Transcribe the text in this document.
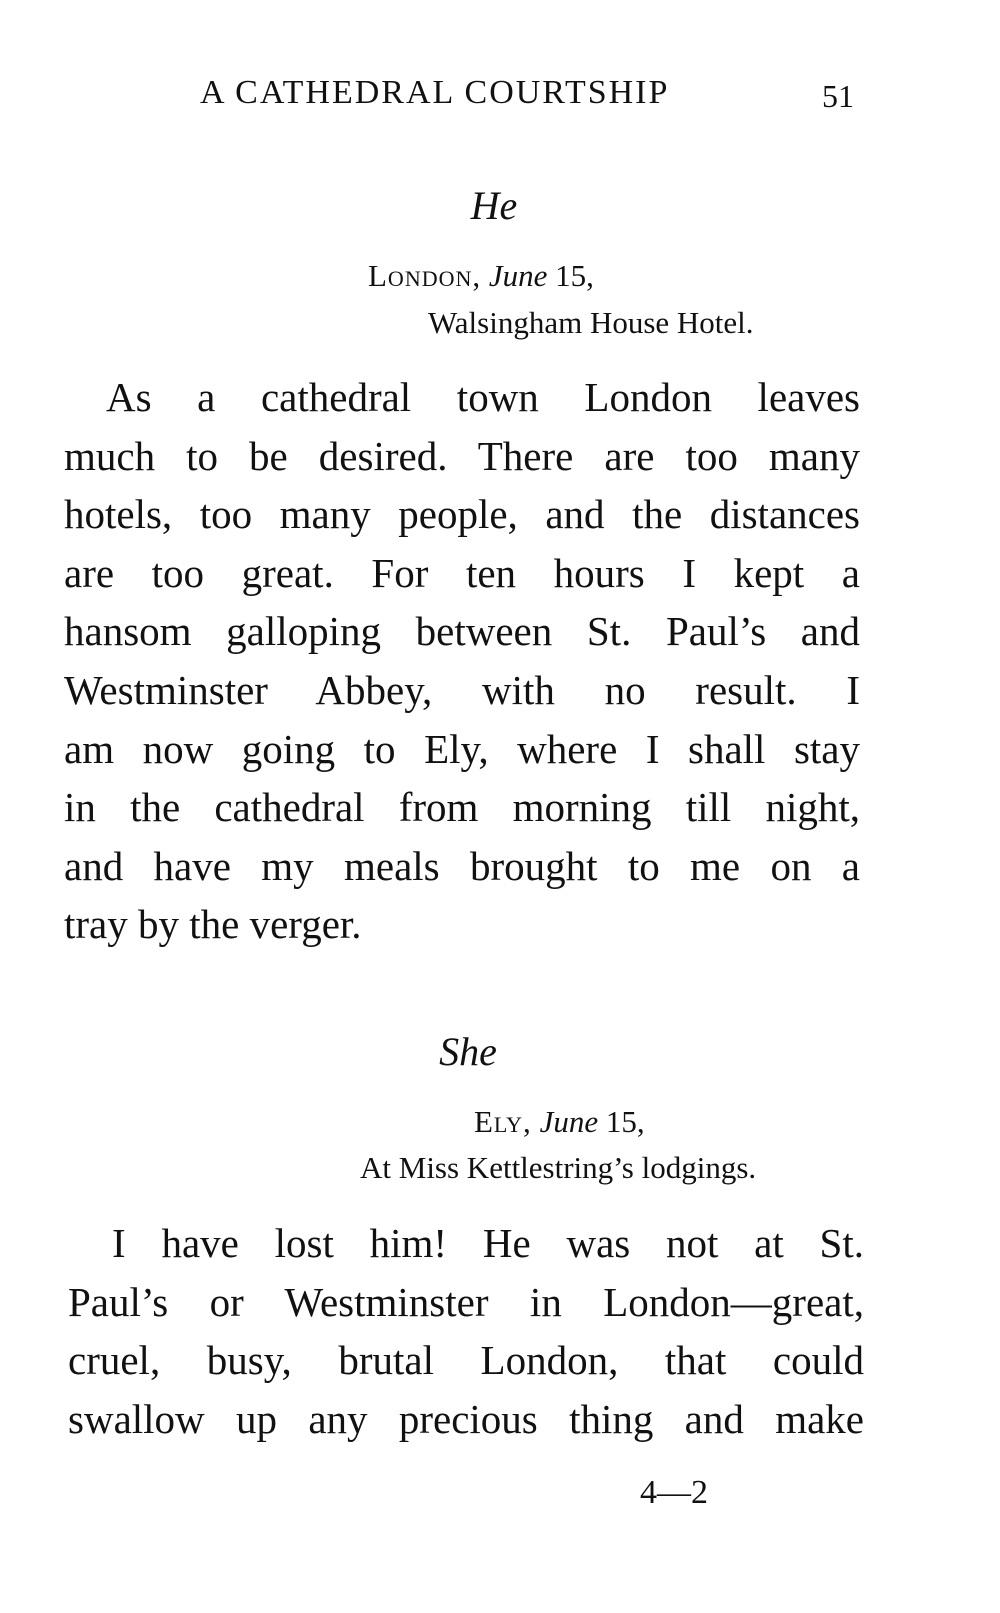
A CATHEDRAL COURTSHIP	51
He
London, June 15,
Walsingham House Hotel.
As a cathedral town London leaves
much to be desired. There are too many
hotels, too many people, and the distances
are too great. For ten hours I kept a
hansom galloping between St. Paul’s and
Westminster Abbey, with no result. I
am now going to Ely, where I shall stay
in the cathedral from morning till night,
and have my meals brought to me on a
tray by the verger.
She
Ely, June 15,
At Miss Kettlestring’s lodgings.
I have lost him! He was not at St.
Paul’s or Westminster in London—great,
cruel, busy, brutal London, that could
swallow up any precious thing and make
4—2
